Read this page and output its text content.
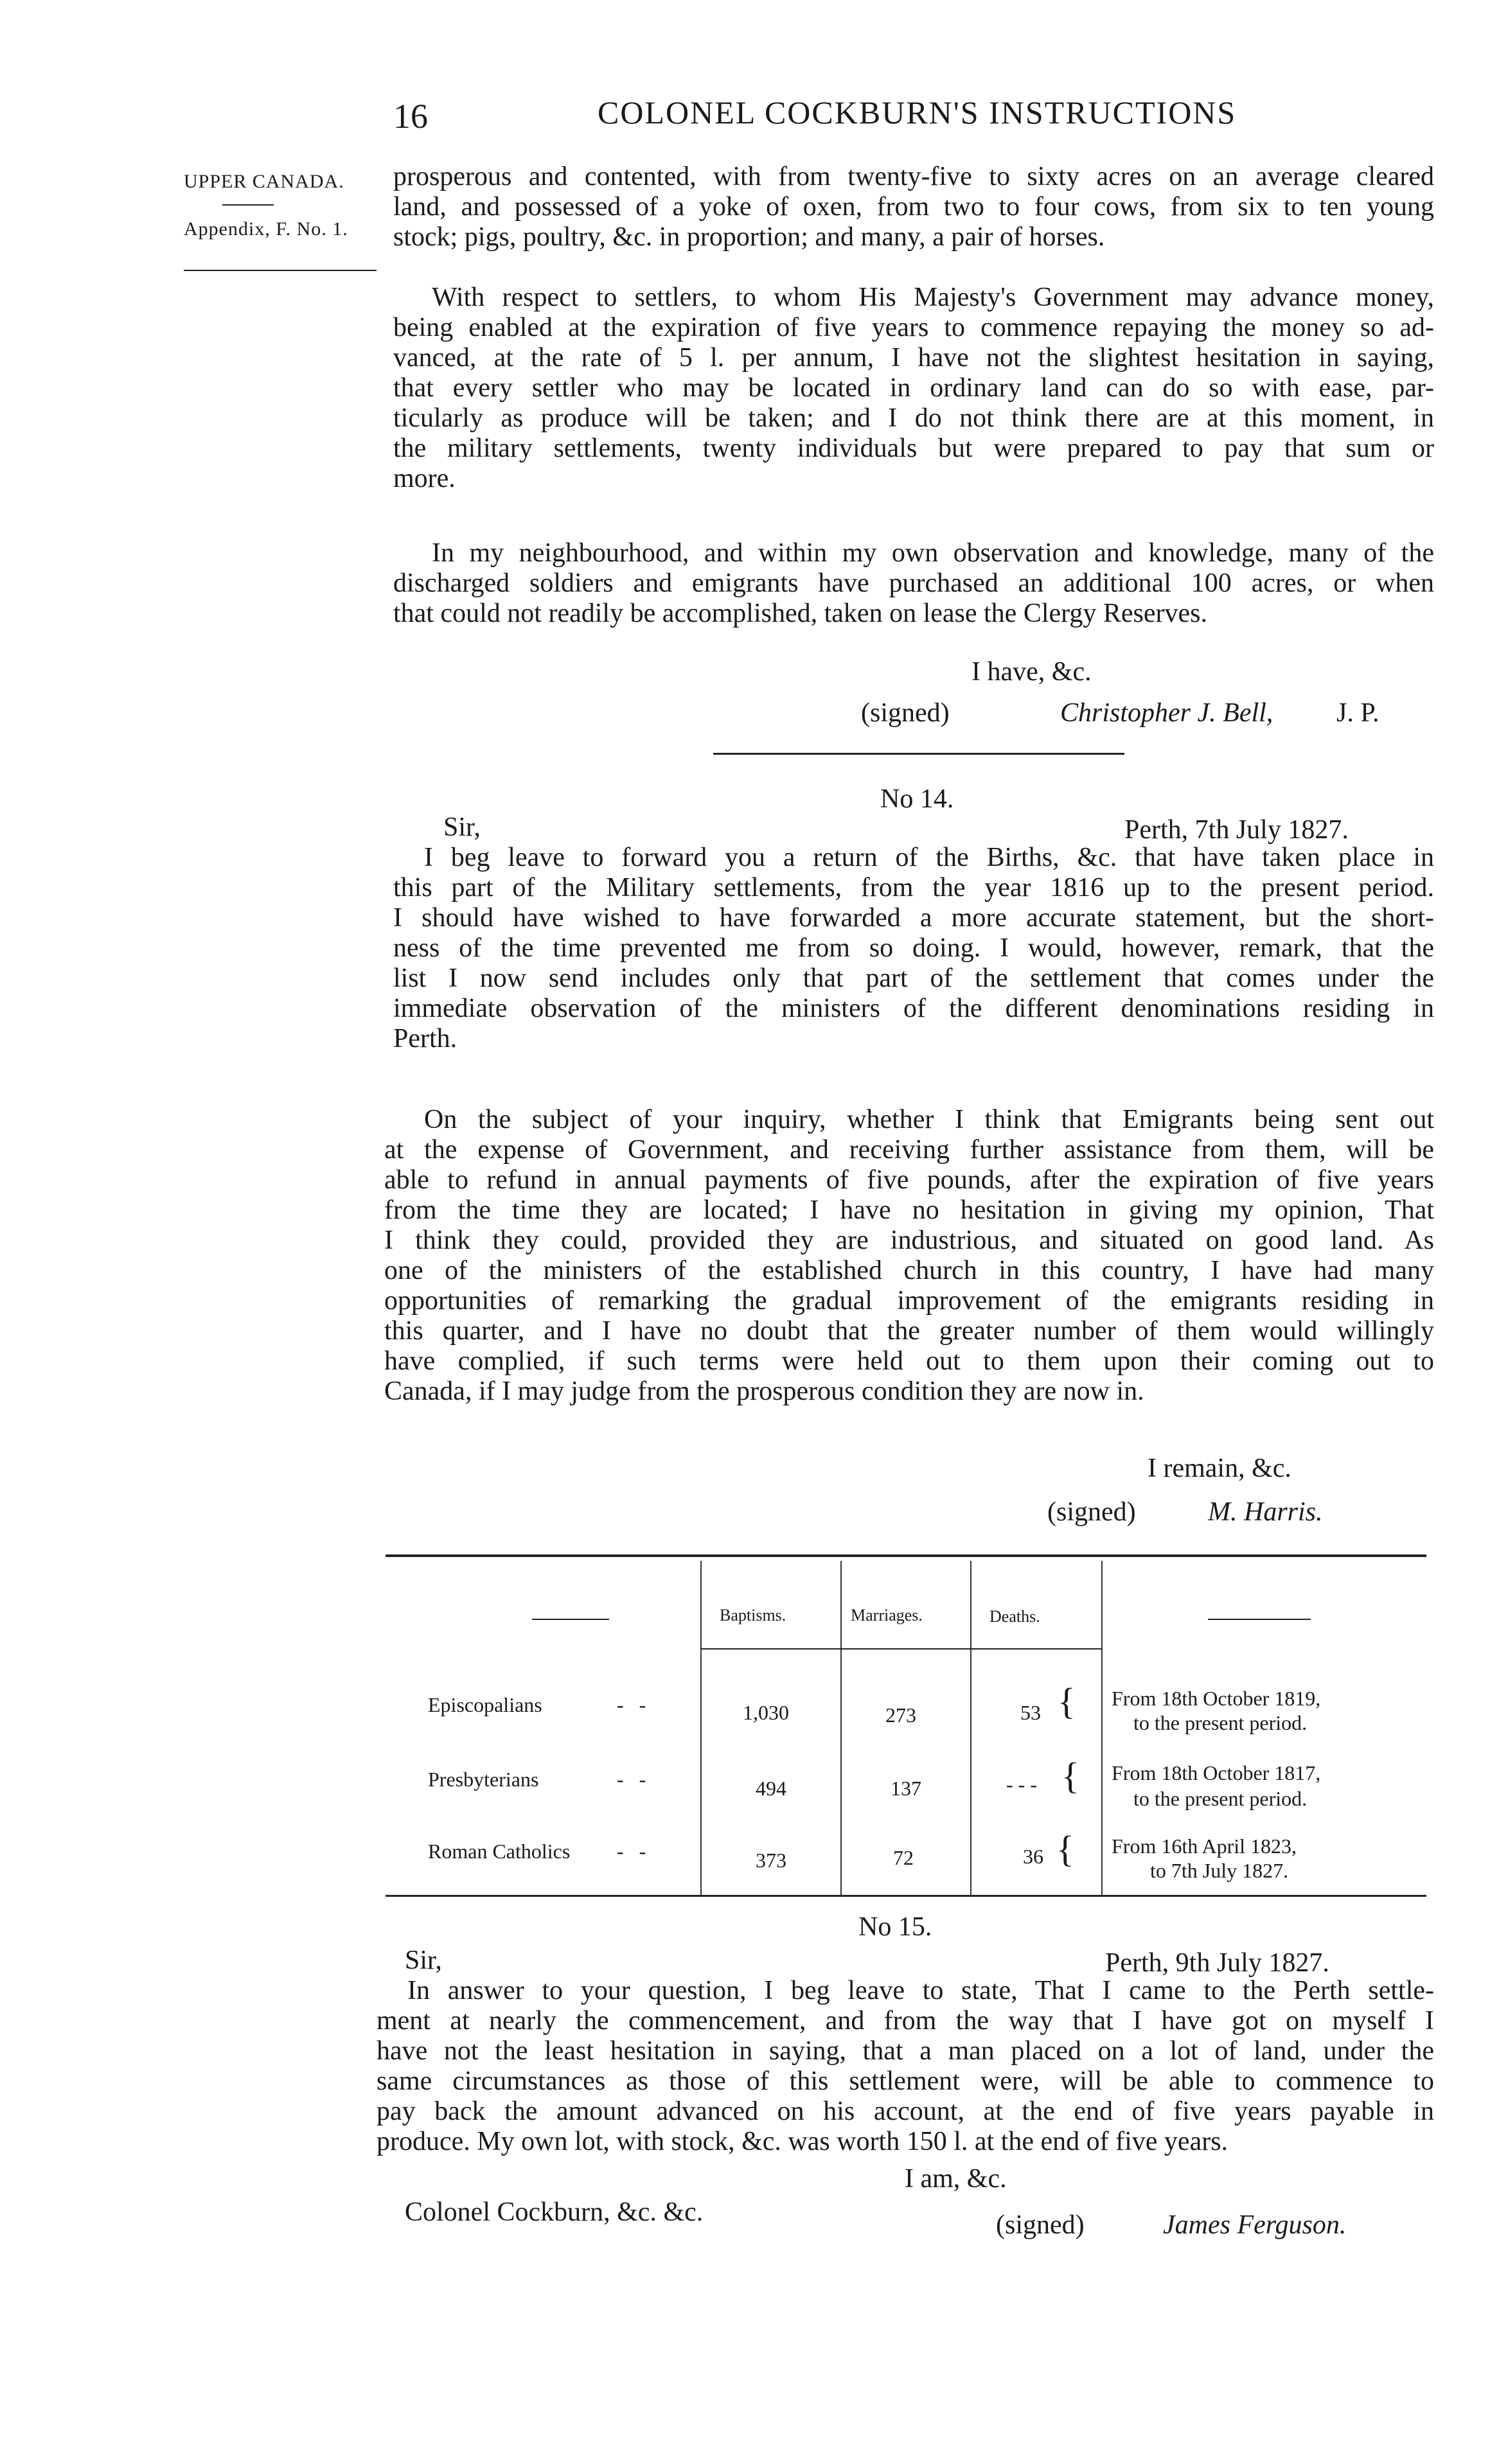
16	COLONEL COCKBURN'S INSTRUCTIONS
UPPER CANADA.
Appendix, F. No. 1.
prosperous and contented, with from twenty-five to sixty acres on an average cleared
land, and possessed of a yoke of oxen, from two to four cows, from six to ten young
stock; pigs, poultry, &c. in proportion; and many, a pair of horses.
With respect to settlers, to whom His Majesty's Government may advance money,
being enabled at the expiration of five years to commence repaying the money so ad-
vanced, at the rate of 5 l. per annum, I have not the slightest hesitation in saying,
that every settler who may be located in ordinary land can do so with ease, par-
ticularly as produce will be taken; and I do not think there are at this moment, in
the military settlements, twenty individuals but were prepared to pay that sum or
more.
In my neighbourhood, and within my own observation and knowledge, many of the
discharged soldiers and emigrants have purchased an additional 100 acres, or when
that could not readily be accomplished, taken on lease the Clergy Reserves.
I have, &c.
(signed)	Christopher J. Bell, J. P.
No 14.
Sir,	Perth, 7th July 1827.
I beg leave to forward you a return of the Births, &c. that have taken place in
this part of the Military settlements, from the year 1816 up to the present period.
I should have wished to have forwarded a more accurate statement, but the short-
ness of the time prevented me from so doing. I would, however, remark, that the
list I now send includes only that part of the settlement that comes under the
immediate observation of the ministers of the different denominations residing in
Perth.
On the subject of your inquiry, whether I think that Emigrants being sent out
at the expense of Government, and receiving further assistance from them, will be
able to refund in annual payments of five pounds, after the expiration of five years
from the time they are located; I have no hesitation in giving my opinion, That
I think they could, provided they are industrious, and situated on good land. As
one of the ministers of the established church in this country, I have had many
opportunities of remarking the gradual improvement of the emigrants residing in
this quarter, and I have no doubt that the greater number of them would willingly
have complied, if such terms were held out to them upon their coming out to
Canada, if I may judge from the prosperous condition they are now in.
I remain, &c.
(signed)	M. Harris.
Baptisms.	Marriages.	Deaths.
Episcopalians	-   -	1,030	273	53 { From 18th October 1819,
to the present period.
Presbyterians	-   -	494	137	- - - { From 18th October 1817,
to the present period.
Roman Catholics -   -	373	72	36 { From 16th April 1823,
to 7th July 1827.
No 15.
Sir,	Perth, 9th July 1827.
In answer to your question, I beg leave to state, That I came to the Perth settle-
ment at nearly the commencement, and from the way that I have got on myself I
have not the least hesitation in saying, that a man placed on a lot of land, under the
same circumstances as those of this settlement were, will be able to commence to
pay back the amount advanced on his account, at the end of five years payable in
produce. My own lot, with stock, &c. was worth 150 l. at the end of five years.
I am, &c.
Colonel Cockburn, &c. &c.	(signed)	James Ferguson.
